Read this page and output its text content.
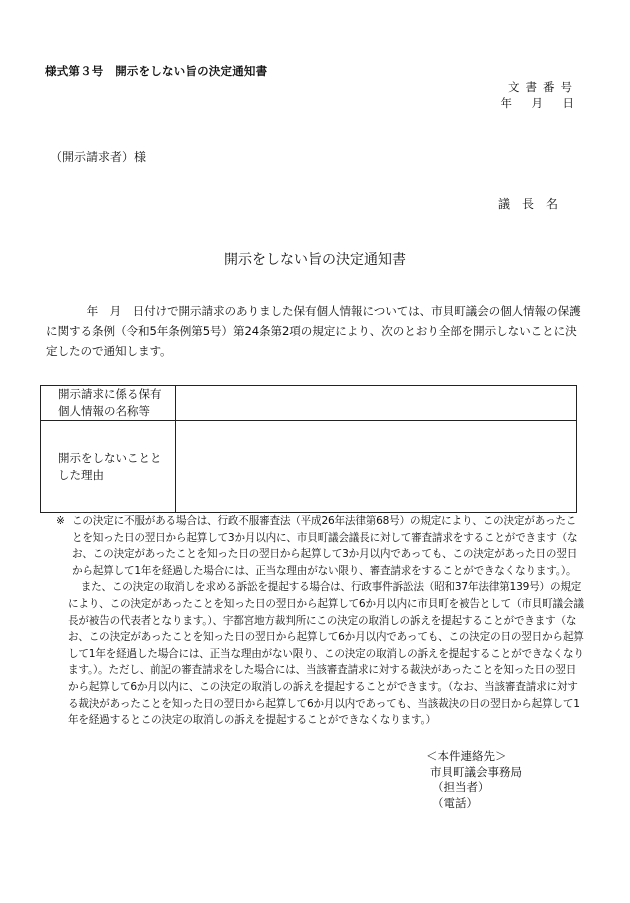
様式第３号　開示をしない旨の決定通知書
文書番号
年　月　日
（開示請求者）様
議長名
開示をしない旨の決定通知書
年　月　日付けで開示請求のありました保有個人情報については、市貝町議会の個人情報の保護に関する条例（令和5年条例第5号）第24条第2項の規定により、次のとおり全部を開示しないことに決定したので通知します。
開示請求に係る保有個人情報の名称等	
開示をしないこととした理由	

※ この決定に不服がある場合は、行政不服審査法（平成26年法律第68号）の規定により、この決定があったことを知った日の翌日から起算して3か月以内に、市貝町議会議長に対して審査請求をすることができます（なお、この決定があったことを知った日の翌日から起算して3か月以内であっても、この決定があった日の翌日から起算して1年を経過した場合には、正当な理由がない限り、審査請求をすることができなくなります。）。

また、この決定の取消しを求める訴訟を提起する場合は、行政事件訴訟法（昭和37年法律第139号）の規定により、この決定があったことを知った日の翌日から起算して6か月以内に市貝町を被告として（市貝町議会議長が被告の代表者となります。）、宇都宮地方裁判所にこの決定の取消しの訴えを提起することができます（なお、この決定があったことを知った日の翌日から起算して6か月以内であっても、この決定の日の翌日から起算して1年を経過した場合には、正当な理由がない限り、この決定の取消しの訴えを提起することができなくなります。）。ただし、前記の審査請求をした場合には、当該審査請求に対する裁決があったことを知った日の翌日から起算して6か月以内に、この決定の取消しの訴えを提起することができます。（なお、当該審査請求に対する裁決があったことを知った日の翌日から起算して6か月以内であっても、当該裁決の日の翌日から起算して1年を経過するとこの決定の取消しの訴えを提起することができなくなります。）

＜本件連絡先＞
市貝町議会事務局
（担当者）
（電話）
